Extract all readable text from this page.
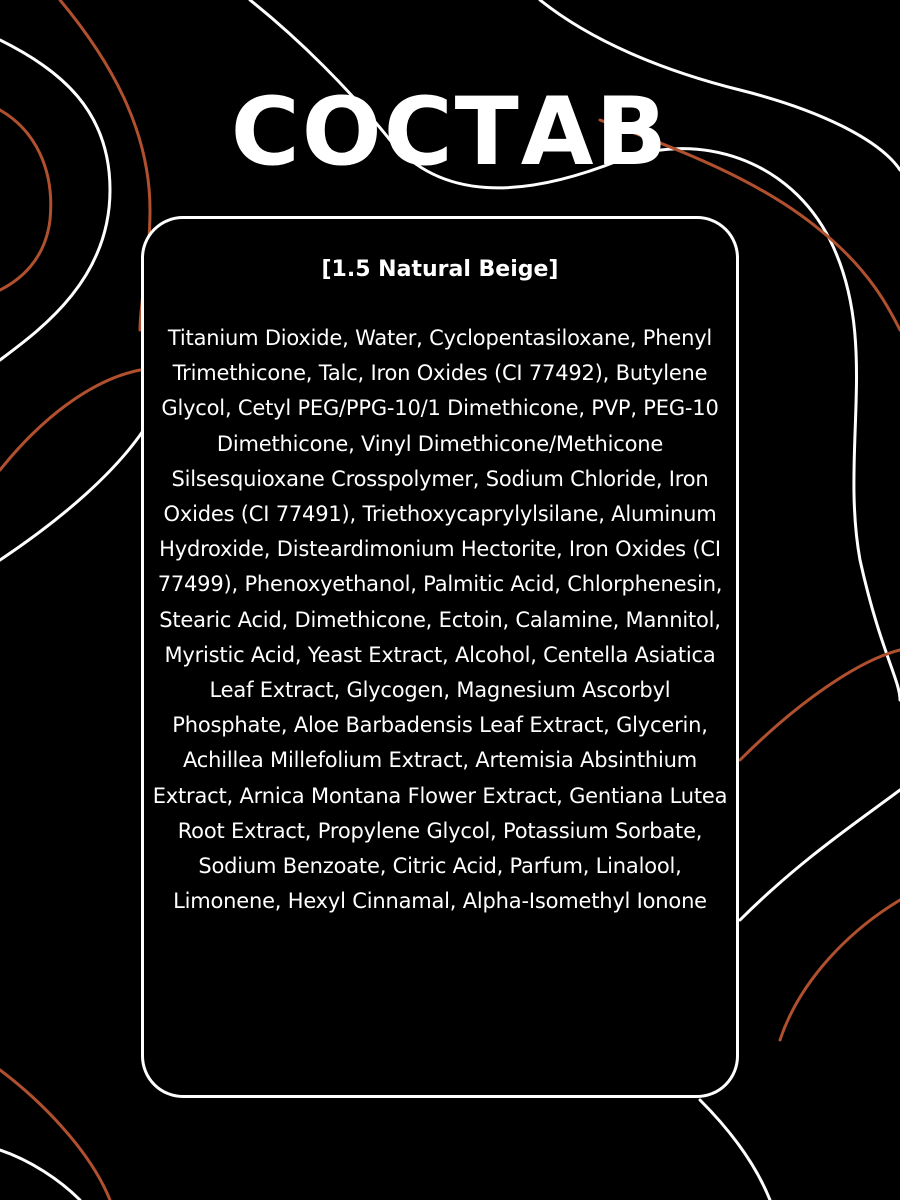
СОСТАВ

[1.5 Natural Beige]

Titanium Dioxide, Water, Cyclopentasiloxane, Phenyl Trimethicone, Talc, Iron Oxides (CI 77492), Butylene Glycol, Cetyl PEG/PPG-10/1 Dimethicone, PVP, PEG-10 Dimethicone, Vinyl Dimethicone/Methicone Silsesquioxane Crosspolymer, Sodium Chloride, Iron Oxides (CI 77491), Triethoxycaprylylsilane, Aluminum Hydroxide, Disteardimonium Hectorite, Iron Oxides (CI 77499), Phenoxyethanol, Palmitic Acid, Chlorphenesin, Stearic Acid, Dimethicone, Ectoin, Calamine, Mannitol, Myristic Acid, Yeast Extract, Alcohol, Centella Asiatica Leaf Extract, Glycogen, Magnesium Ascorbyl Phosphate, Aloe Barbadensis Leaf Extract, Glycerin, Achillea Millefolium Extract, Artemisia Absinthium Extract, Arnica Montana Flower Extract, Gentiana Lutea Root Extract, Propylene Glycol, Potassium Sorbate, Sodium Benzoate, Citric Acid, Parfum, Linalool, Limonene, Hexyl Cinnamal, Alpha-Isomethyl Ionone
